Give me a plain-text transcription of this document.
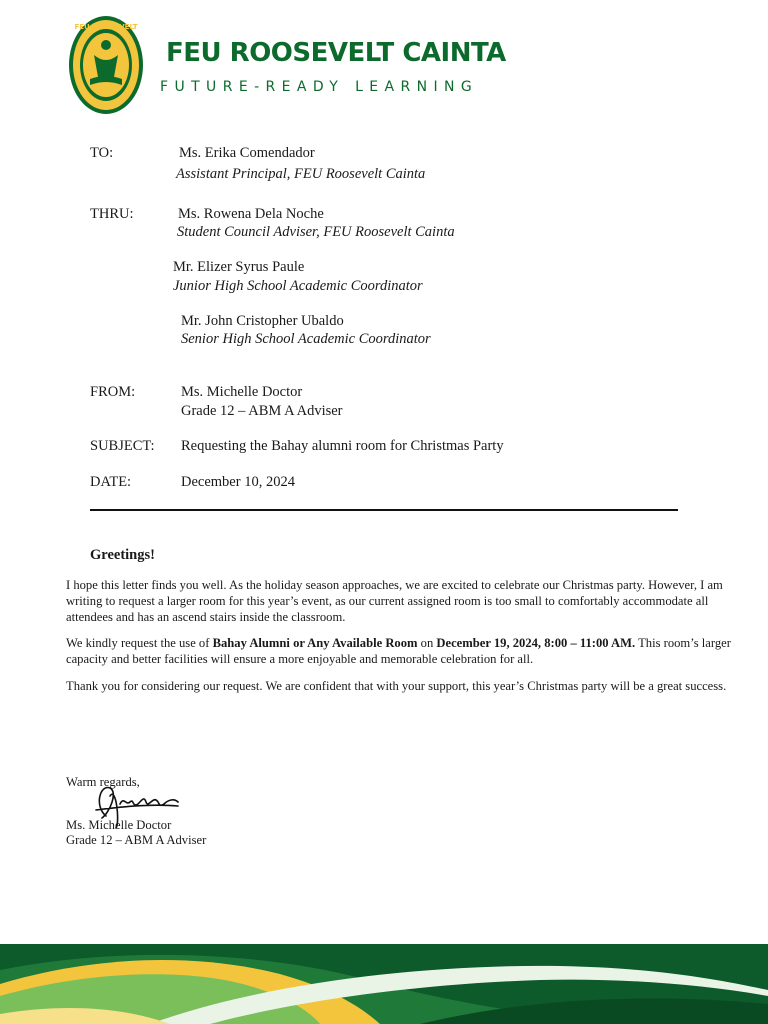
FEU ROOSEVELT
1933
FEU ROOSEVELT CAINTA
FUTURE-READY LEARNING
TO:	Ms. Erika Comendador
Assistant Principal, FEU Roosevelt Cainta
THRU:	Ms. Rowena Dela Noche
Student Council Adviser, FEU Roosevelt Cainta
Mr. Elizer Syrus Paule
Junior High School Academic Coordinator
Mr. John Cristopher Ubaldo
Senior High School Academic Coordinator
FROM:	Ms. Michelle Doctor
Grade 12 – ABM A Adviser
SUBJECT: Requesting the Bahay alumni room for Christmas Party
DATE:	December 10, 2024
Greetings!
I hope this letter finds you well. As the holiday season approaches, we are excited to celebrate our Christmas party. However, I am writing to request a larger room for this year’s event, as our current assigned room is too small to comfortably accommodate all attendees and has an ascend stairs inside the classroom.
We kindly request the use of Bahay Alumni or Any Available Room on December 19, 2024, 8:00 – 11:00 AM. This room’s larger capacity and better facilities will ensure a more enjoyable and memorable celebration for all.
Thank you for considering our request. We are confident that with your support, this year’s Christmas party will be a great success.
Warm regards,
Ms. Michelle Doctor
Grade 12 – ABM A Adviser
